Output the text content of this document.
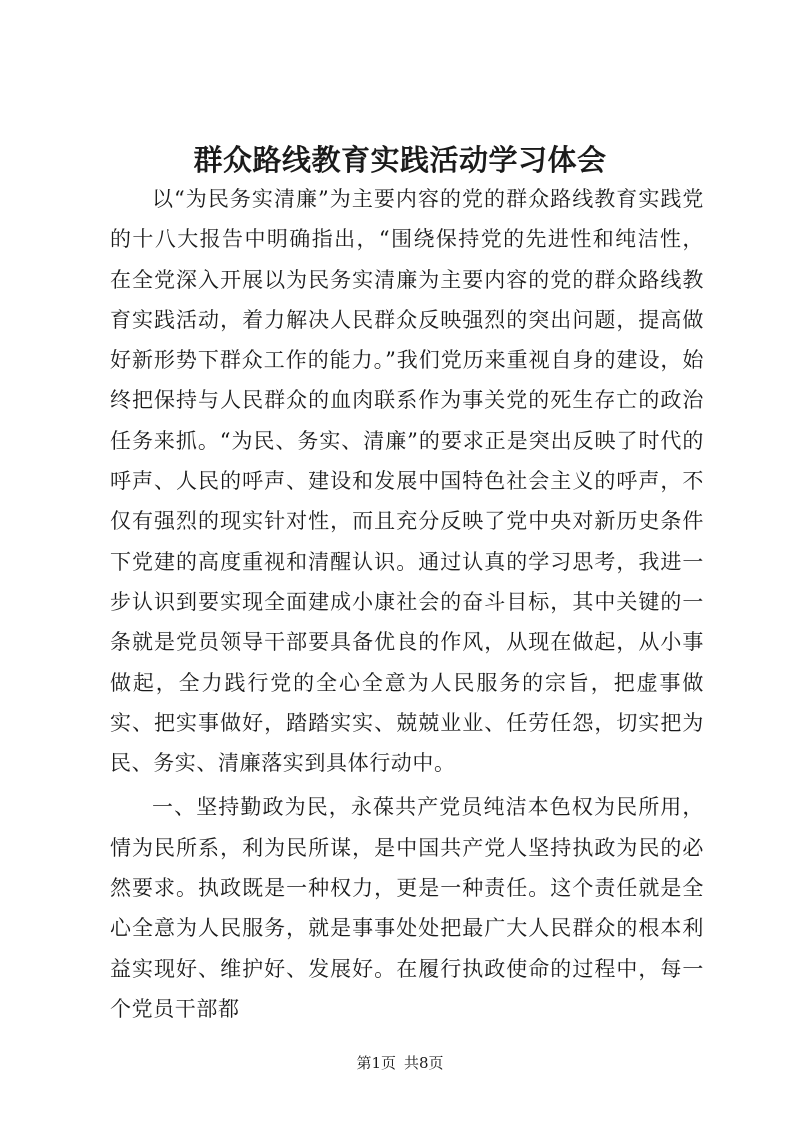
群众路线教育实践活动学习体会

以“为民务实清廉”为主要内容的党的群众路线教育实践党的十八大报告中明确指出，“围绕保持党的先进性和纯洁性，在全党深入开展以为民务实清廉为主要内容的党的群众路线教育实践活动，着力解决人民群众反映强烈的突出问题，提高做好新形势下群众工作的能力。”我们党历来重视自身的建设，始终把保持与人民群众的血肉联系作为事关党的死生存亡的政治任务来抓。“为民、务实、清廉”的要求正是突出反映了时代的呼声、人民的呼声、建设和发展中国特色社会主义的呼声，不仅有强烈的现实针对性，而且充分反映了党中央对新历史条件下党建的高度重视和清醒认识。通过认真的学习思考，我进一步认识到要实现全面建成小康社会的奋斗目标，其中关键的一条就是党员领导干部要具备优良的作风，从现在做起，从小事做起，全力践行党的全心全意为人民服务的宗旨，把虚事做实、把实事做好，踏踏实实、兢兢业业、任劳任怨，切实把为民、务实、清廉落实到具体行动中。

一、坚持勤政为民，永葆共产党员纯洁本色权为民所用，情为民所系，利为民所谋，是中国共产党人坚持执政为民的必然要求。执政既是一种权力，更是一种责任。这个责任就是全心全意为人民服务，就是事事处处把最广大人民群众的根本利益实现好、维护好、发展好。在履行执政使命的过程中，每一个党员干部都

第1页 共8页
